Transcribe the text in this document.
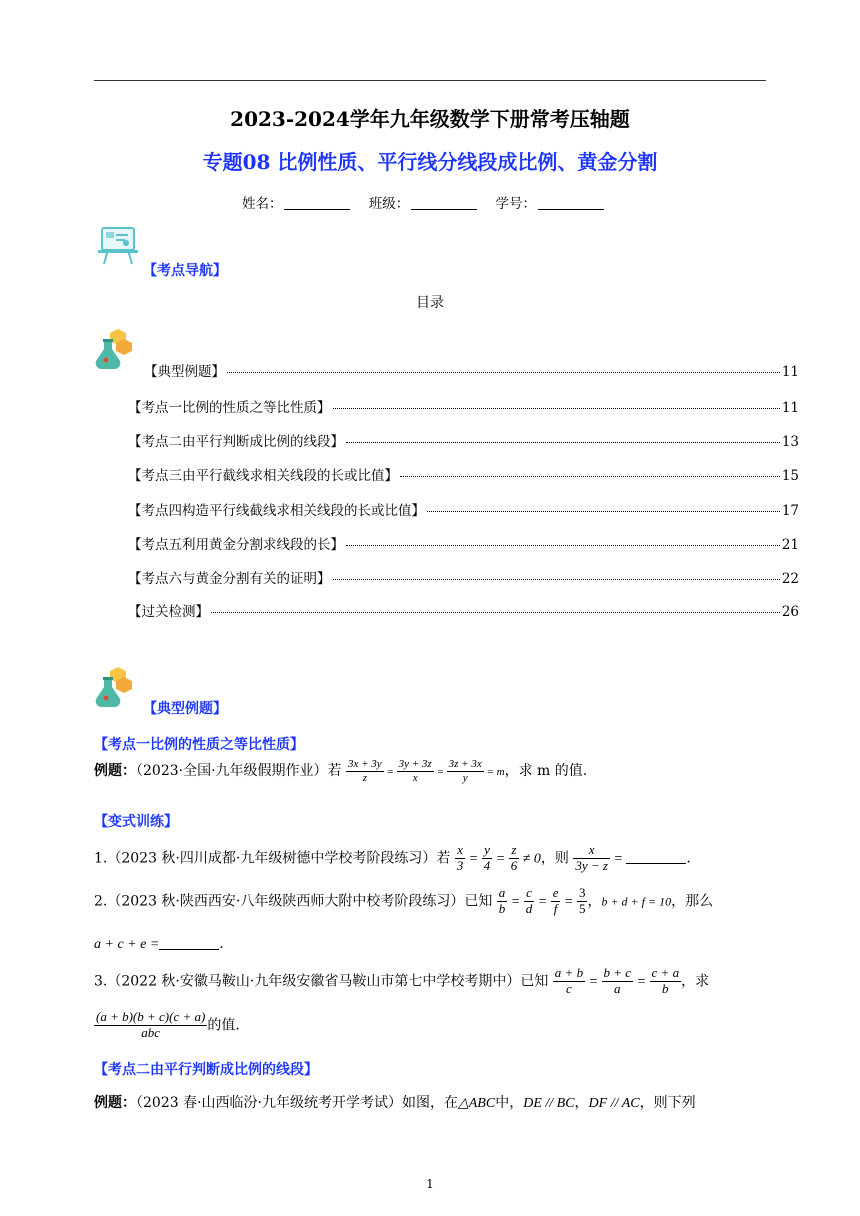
2023-2024学年九年级数学下册常考压轴题
专题08 比例性质、平行线分线段成比例、黄金分割
姓名：	班级：	学号：
【考点导航】
目录
【典型例题】	11
【考点一比例的性质之等比性质】	11
【考点二由平行判断成比例的线段】	13
【考点三由平行截线求相关线段的长或比值】	15
【考点四构造平行线截线求相关线段的长或比值】	17
【考点五利用黄金分割求线段的长】	21
【考点六与黄金分割有关的证明】	22
【过关检测】	26
【典型例题】
【考点一比例的性质之等比性质】
例题：（2023·全国·九年级假期作业）若 $\frac{3x + 3y}{z} = \frac{3y + 3z}{x} = \frac{3z + 3x}{y} = m$，求 m 的值.
【变式训练】
1.（2023 秋·四川成都·九年级树德中学校考阶段练习）若 $\frac{x}{3} = \frac{y}{4} = \frac{z}{6} \ne 0$，则 $\frac{x}{3y - z}$ =	.
2.（2023 秋·陕西西安·八年级陕西师大附中校考阶段练习）已知 $\frac{a}{b} = \frac{c}{d} = \frac{e}{f} = \frac{3}{5}$ ，b + d + f = 10，那么
a + c + e =	.
3.（2022 秋·安徽马鞍山·九年级安徽省马鞍山市第七中学校考期中）已知 $\frac{a + b}{c} = \frac{b + c}{a} = \frac{c + a}{b}$ ，求
$\frac{(a + b)(b + c)(c + a)}{\text{abc}}$ 的值.
【考点二由平行判断成比例的线段】
例题：（2023 春·山西临汾·九年级统考开学考试）如图，在△ABC中，DE // BC，DF // AC，则下列
1
